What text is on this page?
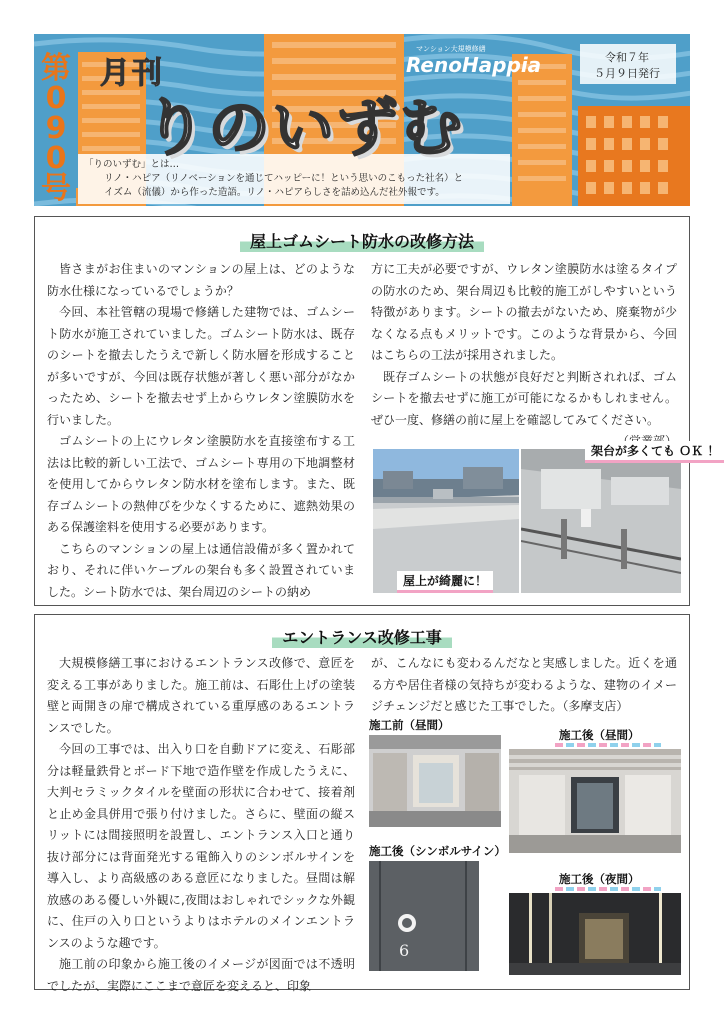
第
0
9
0
号
月刊
りのいずむ
マンション大規模修繕
RenoHappia	令和７年
５月９日発行
「りのいずむ」とは…
リノ・ハピア（リノベーションを通じてハッピーに！という思いのこもった社名）と
イズム（流儀）から作った造語。リノ・ハピアらしさを詰め込んだ社外報です。
屋上ゴムシート防水の改修方法

皆さまがお住まいのマンションの屋上は、どのような防水仕様になっているでしょうか？

今回、本社管轄の現場で修繕した建物では、ゴムシート防水が施工されていました。ゴムシート防水は、既存のシートを撤去したうえで新しく防水層を形成することが多いですが、今回は既存状態が著しく悪い部分がなかったため、シートを撤去せず上からウレタン塗膜防水を行いました。

ゴムシートの上にウレタン塗膜防水を直接塗布する工法は比較的新しい工法で、ゴムシート専用の下地調整材を使用してからウレタン防水材を塗布します。また、既存ゴムシートの熱伸びを少なくするために、遮熱効果のある保護塗料を使用する必要があります。

こちらのマンションの屋上は通信設備が多く置かれており、それに伴いケーブルの架台も多く設置されていました。シート防水では、架台周辺のシートの納め

方に工夫が必要ですが、ウレタン塗膜防水は塗るタイプの防水のため、架台周辺も比較的施工がしやすいという特徴があります。シートの撤去がないため、廃棄物が少なくなる点もメリットです。このような背景から、今回はこちらの工法が採用されました。

既存ゴムシートの状態が良好だと判断されれば、ゴムシートを撤去せずに施工が可能になるかもしれません。ぜひ一度、修繕の前に屋上を確認してみてください。

架台が多くても ＯＫ ！
屋上が綺麗に！
エントランス改修工事

大規模修繕工事におけるエントランス改修で、意匠を変える工事がありました。施工前は、石彫仕上げの塗装壁と両開きの扉で構成されている重厚感のあるエントランスでした。

今回の工事では、出入り口を自動ドアに変え、石彫部分は軽量鉄骨とボード下地で造作壁を作成したうえに、大判セラミックタイルを壁面の形状に合わせて、接着剤と止め金具併用で張り付けました。さらに、壁面の縦スリットには間接照明を設置し、エントランス入口と通り抜け部分には背面発光する電飾入りのシンボルサインを導入し、より高級感のある意匠になりました。昼間は解放感のある優しい外観に,夜間はおしゃれでシックな外観に、住戸の入り口というよりはホテルのメインエントランスのような趣です。

施工前の印象から施工後のイメージが図面では不透明でしたが、実際にここまで意匠を変えると、印象

が、こんなにも変わるんだなと実感しました。近くを通る方や居住者様の気持ちが変わるような、建物のイメージチェンジだと感じた工事でした。（多摩支店）

施工前（昼間）
施工後（昼間）
施工後（シンボルサイン）
6
施工後（夜間）
